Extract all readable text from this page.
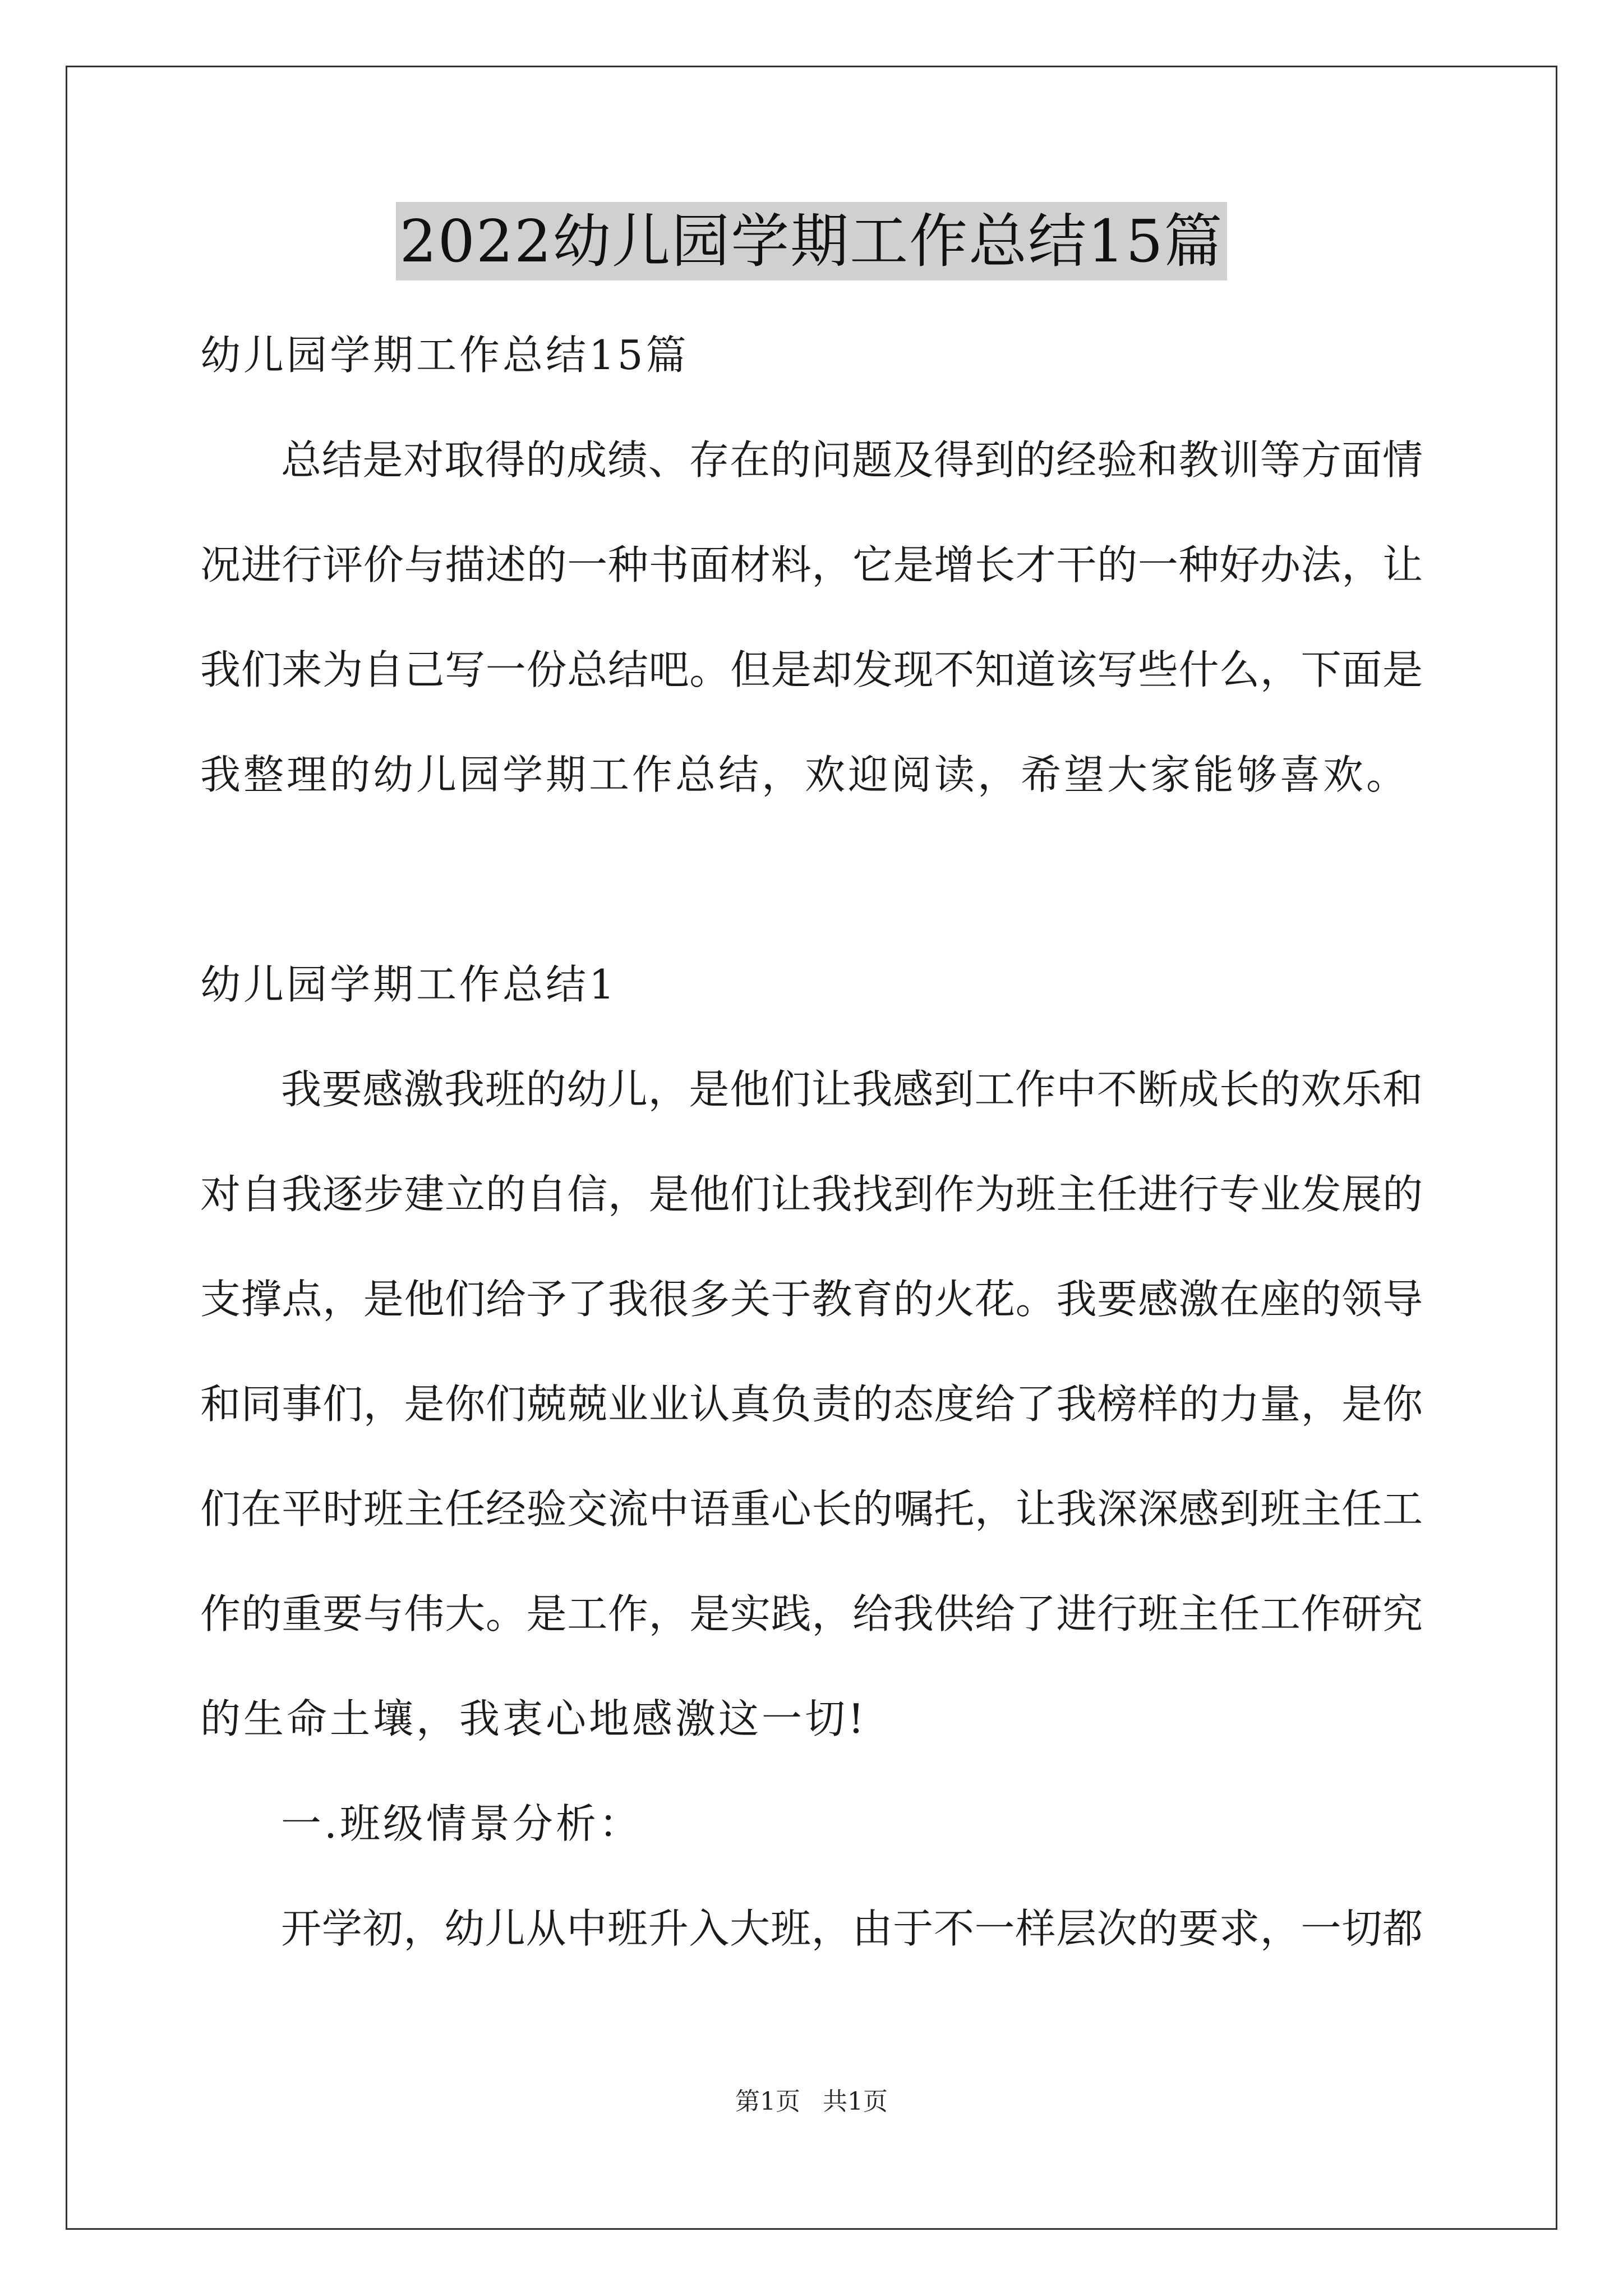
2022幼儿园学期工作总结15篇
幼儿园学期工作总结15篇
总结是对取得的成绩、存在的问题及得到的经验和教训等方面情
况进行评价与描述的一种书面材料，它是增长才干的一种好办法，让
我们来为自己写一份总结吧。但是却发现不知道该写些什么，下面是
我整理的幼儿园学期工作总结，欢迎阅读，希望大家能够喜欢。
幼儿园学期工作总结1
我要感激我班的幼儿，是他们让我感到工作中不断成长的欢乐和
对自我逐步建立的自信，是他们让我找到作为班主任进行专业发展的
支撑点，是他们给予了我很多关于教育的火花。我要感激在座的领导
和同事们，是你们兢兢业业认真负责的态度给了我榜样的力量，是你
们在平时班主任经验交流中语重心长的嘱托，让我深深感到班主任工
作的重要与伟大。是工作，是实践，给我供给了进行班主任工作研究
的生命土壤，我衷心地感激这一切!
一.班级情景分析：
开学初，幼儿从中班升入大班，由于不一样层次的要求，一切都
第1页 共1页
